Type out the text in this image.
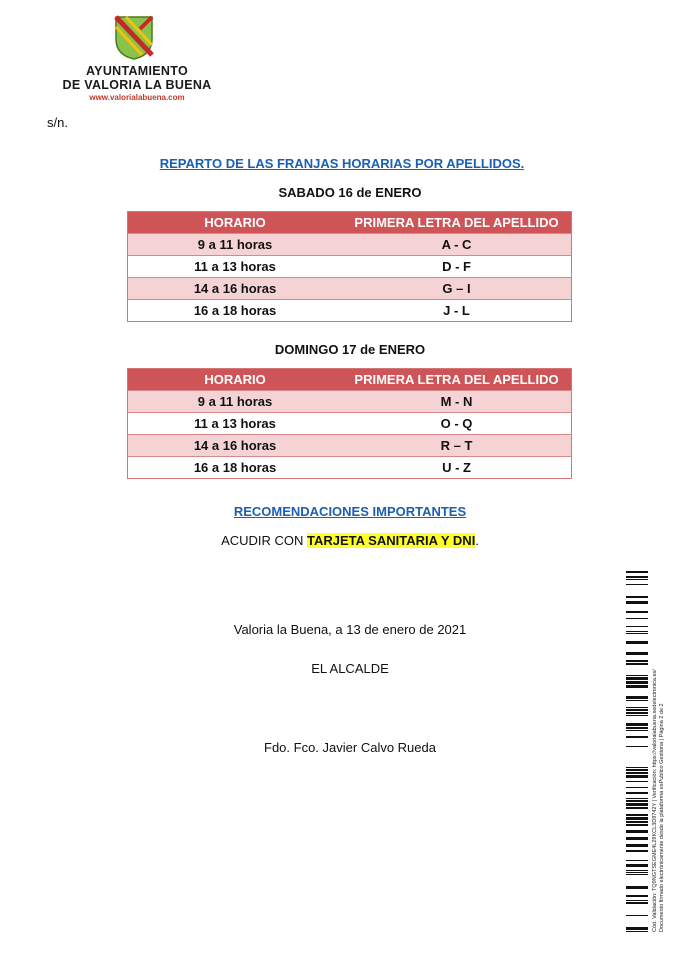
AYUNTAMIENTO
DE VALORIA LA BUENA
www.valorialabuena.com
s/n.
REPARTO DE LAS FRANJAS HORARIAS POR APELLIDOS.
SABADO 16 de ENERO
HORARIO	PRIMERA LETRA DEL APELLIDO
9 a 11 horas	A - C
11 a 13 horas	D - F
14 a 16 horas	G – I
16 a 18 horas	J - L
DOMINGO 17 de ENERO
HORARIO	PRIMERA LETRA DEL APELLIDO
9 a 11 horas	M - N
11 a 13 horas	O - Q
14 a 16 horas	R – T
16 a 18 horas	U - Z
RECOMENDACIONES IMPORTANTES
ACUDIR CON TARJETA SANITARIA Y DNI.
Valoria la Buena, a 13 de enero de 2021
EL ALCALDE
Fdo. Fco. Javier Calvo Rueda	Cód. Validación: TQ9NGTSEGME4L29KCL3D9742Y | Verificación: https://valorialabuena.sedelectronica.es/ Documento firmado electrónicamente desde la plataforma esPublico Gestiona | Página 2 de 2
